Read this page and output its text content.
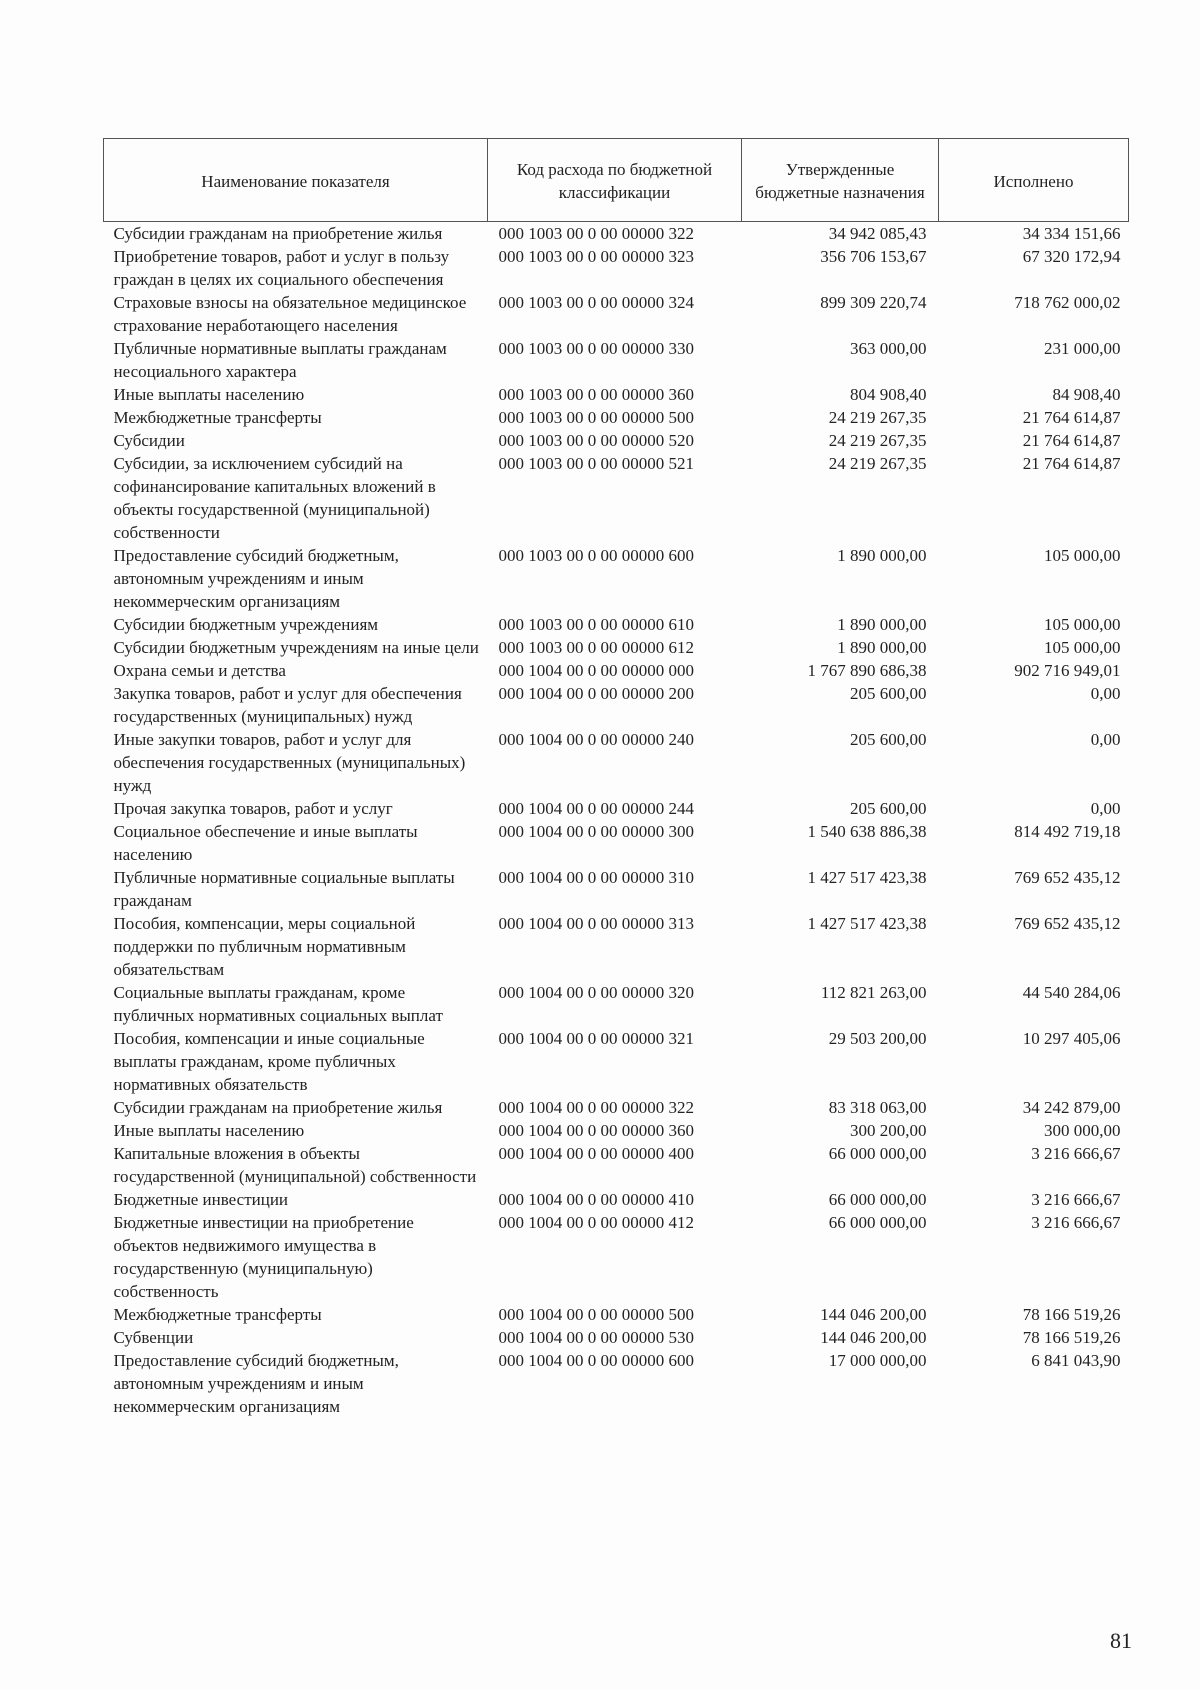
Наименование показателя	Код расхода по бюджетной классификации	Утвержденные бюджетные назначения	Исполнено
Субсидии гражданам на приобретение жилья	000 1003 00 0 00 00000 322	34 942 085,43	34 334 151,66
Приобретение товаров, работ и услуг в пользу граждан в целях их социального обеспечения	000 1003 00 0 00 00000 323	356 706 153,67	67 320 172,94
Страховые взносы на обязательное медицинское страхование неработающего населения	000 1003 00 0 00 00000 324	899 309 220,74	718 762 000,02
Публичные нормативные выплаты гражданам несоциального характера	000 1003 00 0 00 00000 330	363 000,00	231 000,00
Иные выплаты населению	000 1003 00 0 00 00000 360	804 908,40	84 908,40
Межбюджетные трансферты	000 1003 00 0 00 00000 500	24 219 267,35	21 764 614,87
Субсидии	000 1003 00 0 00 00000 520	24 219 267,35	21 764 614,87
Субсидии, за исключением субсидий на софинансирование капитальных вложений в объекты государственной (муниципальной) собственности	000 1003 00 0 00 00000 521	24 219 267,35	21 764 614,87
Предоставление субсидий бюджетным, автономным учреждениям и иным некоммерческим организациям	000 1003 00 0 00 00000 600	1 890 000,00	105 000,00
Субсидии бюджетным учреждениям	000 1003 00 0 00 00000 610	1 890 000,00	105 000,00
Субсидии бюджетным учреждениям на иные цели	000 1003 00 0 00 00000 612	1 890 000,00	105 000,00
Охрана семьи и детства	000 1004 00 0 00 00000 000	1 767 890 686,38	902 716 949,01
Закупка товаров, работ и услуг для обеспечения государственных (муниципальных) нужд	000 1004 00 0 00 00000 200	205 600,00	0,00
Иные закупки товаров, работ и услуг для обеспечения государственных (муниципальных) нужд	000 1004 00 0 00 00000 240	205 600,00	0,00
Прочая закупка товаров, работ и услуг	000 1004 00 0 00 00000 244	205 600,00	0,00
Социальное обеспечение и иные выплаты населению	000 1004 00 0 00 00000 300	1 540 638 886,38	814 492 719,18
Публичные нормативные социальные выплаты гражданам	000 1004 00 0 00 00000 310	1 427 517 423,38	769 652 435,12
Пособия, компенсации, меры социальной поддержки по публичным нормативным обязательствам	000 1004 00 0 00 00000 313	1 427 517 423,38	769 652 435,12
Социальные выплаты гражданам, кроме публичных нормативных социальных выплат	000 1004 00 0 00 00000 320	112 821 263,00	44 540 284,06
Пособия, компенсации и иные социальные выплаты гражданам, кроме публичных нормативных обязательств	000 1004 00 0 00 00000 321	29 503 200,00	10 297 405,06
Субсидии гражданам на приобретение жилья	000 1004 00 0 00 00000 322	83 318 063,00	34 242 879,00
Иные выплаты населению	000 1004 00 0 00 00000 360	300 200,00	300 000,00
Капитальные вложения в объекты государственной (муниципальной) собственности	000 1004 00 0 00 00000 400	66 000 000,00	3 216 666,67
Бюджетные инвестиции	000 1004 00 0 00 00000 410	66 000 000,00	3 216 666,67
Бюджетные инвестиции на приобретение объектов недвижимого имущества в государственную (муниципальную) собственность	000 1004 00 0 00 00000 412	66 000 000,00	3 216 666,67
Межбюджетные трансферты	000 1004 00 0 00 00000 500	144 046 200,00	78 166 519,26
Субвенции	000 1004 00 0 00 00000 530	144 046 200,00	78 166 519,26
Предоставление субсидий бюджетным, автономным учреждениям и иным некоммерческим организациям	000 1004 00 0 00 00000 600	17 000 000,00	6 841 043,90
81
